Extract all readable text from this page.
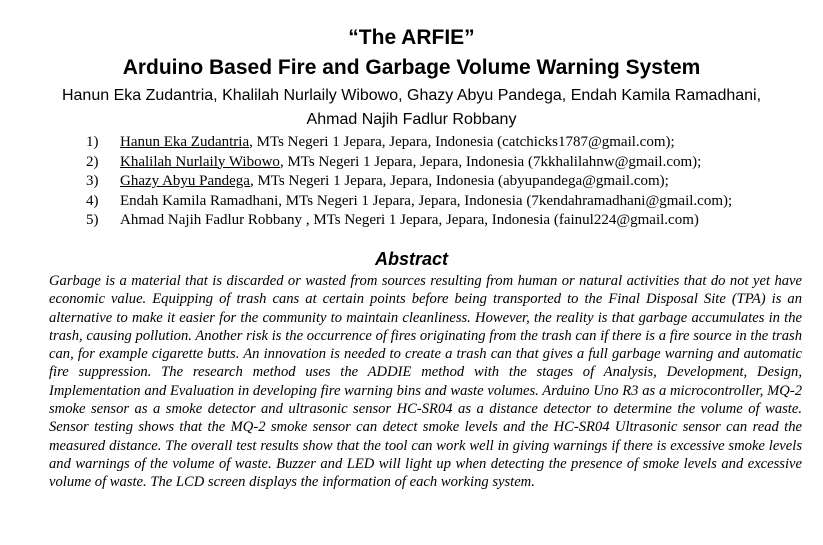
“The ARFIE”
Arduino Based Fire and Garbage Volume Warning System
Hanun Eka Zudantria, Khalilah Nurlaily Wibowo, Ghazy Abyu Pandega, Endah Kamila Ramadhani, Ahmad Najih Fadlur Robbany
1) Hanun Eka Zudantria, MTs Negeri 1 Jepara, Jepara, Indonesia (catchicks1787@gmail.com);
2) Khalilah Nurlaily Wibowo, MTs Negeri 1 Jepara, Jepara, Indonesia (7kkhalilahnw@gmail.com);
3) Ghazy Abyu Pandega, MTs Negeri 1 Jepara, Jepara, Indonesia (abyupandega@gmail.com);
4) Endah Kamila Ramadhani, MTs Negeri 1 Jepara, Jepara, Indonesia (7kendahramadhani@gmail.com);
5) Ahmad Najih Fadlur Robbany , MTs Negeri 1 Jepara, Jepara, Indonesia (fainul224@gmail.com)
Abstract

Garbage is a material that is discarded or wasted from sources resulting from human or natural activities that do not yet have economic value. Equipping of trash cans at certain points before being transported to the Final Disposal Site (TPA) is an alternative to make it easier for the community to maintain cleanliness. However, the reality is that garbage accumulates in the trash, causing pollution. Another risk is the occurrence of fires originating from the trash can if there is a fire source in the trash can, for example cigarette butts. An innovation is needed to create a trash can that gives a full garbage warning and automatic fire suppression. The research method uses the ADDIE method with the stages of Analysis, Development, Design, Implementation and Evaluation in developing fire warning bins and waste volumes. Arduino Uno R3 as a microcontroller, MQ-2 smoke sensor as a smoke detector and ultrasonic sensor HC-SR04 as a distance detector to determine the volume of waste. Sensor testing shows that the MQ-2 smoke sensor can detect smoke levels and the HC-SR04 Ultrasonic sensor can read the measured distance. The overall test results show that the tool can work well in giving warnings if there is excessive smoke levels and warnings of the volume of waste. Buzzer and LED will light up when detecting the presence of smoke levels and excessive volume of waste. The LCD screen displays the information of each working system.
